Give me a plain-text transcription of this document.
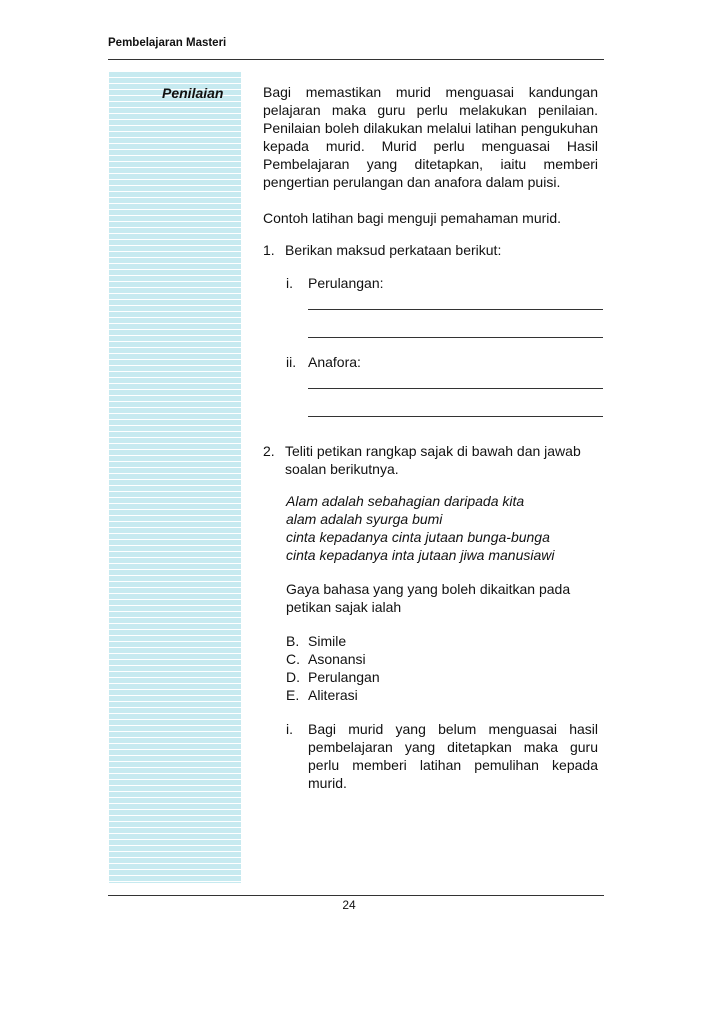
Pembelajaran Masteri
Penilaian	Bagi memastikan murid menguasai kandungan pelajaran maka guru perlu melakukan penilaian. Penilaian boleh dilakukan melalui latihan pengukuhan kepada murid. Murid perlu menguasai Hasil Pembelajaran yang ditetapkan, iaitu memberi pengertian perulangan dan anafora dalam puisi.

Contoh latihan bagi menguji pemahaman murid.

1. Berikan maksud perkataan berikut:
i.	Perulangan:
ii. Anafora:
2. Teliti petikan rangkap sajak di bawah dan jawab soalan berikutnya.

Alam adalah sebahagian daripada kita

alam adalah syurga bumi

cinta kepadanya cinta jutaan bunga-bunga

cinta kepadanya inta jutaan jiwa manusiawi

Gaya bahasa yang yang boleh dikaitkan pada petikan sajak ialah

B. Simile
C. Asonansi
D. Perulangan
E. Aliterasi
i.	Bagi murid yang belum menguasai hasil pembelajaran yang ditetapkan maka guru perlu memberi latihan pemulihan kepada murid.
24
